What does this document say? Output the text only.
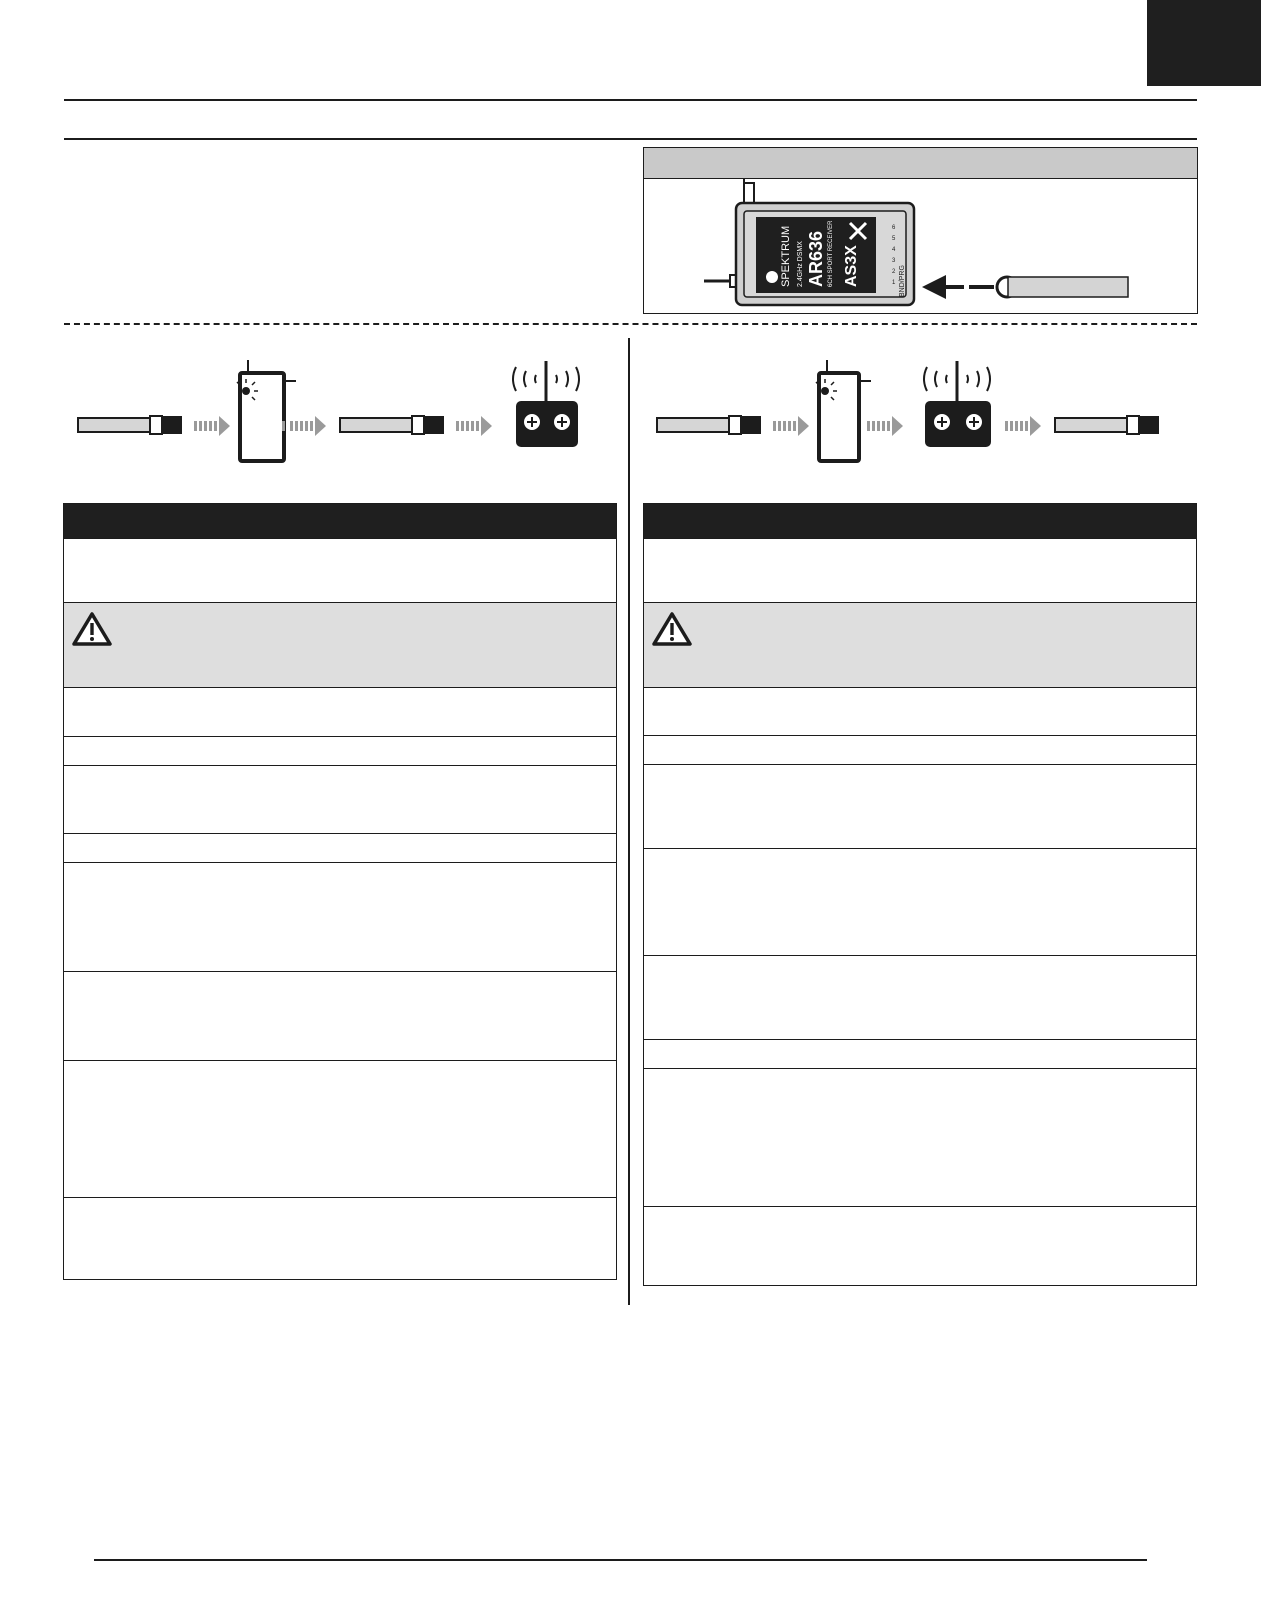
SPEKTRUM 2.4GHz DSMX AR636 6CH SPORT RECEIVER AS3X
6
5
4
3
2
1 BND/PRG
